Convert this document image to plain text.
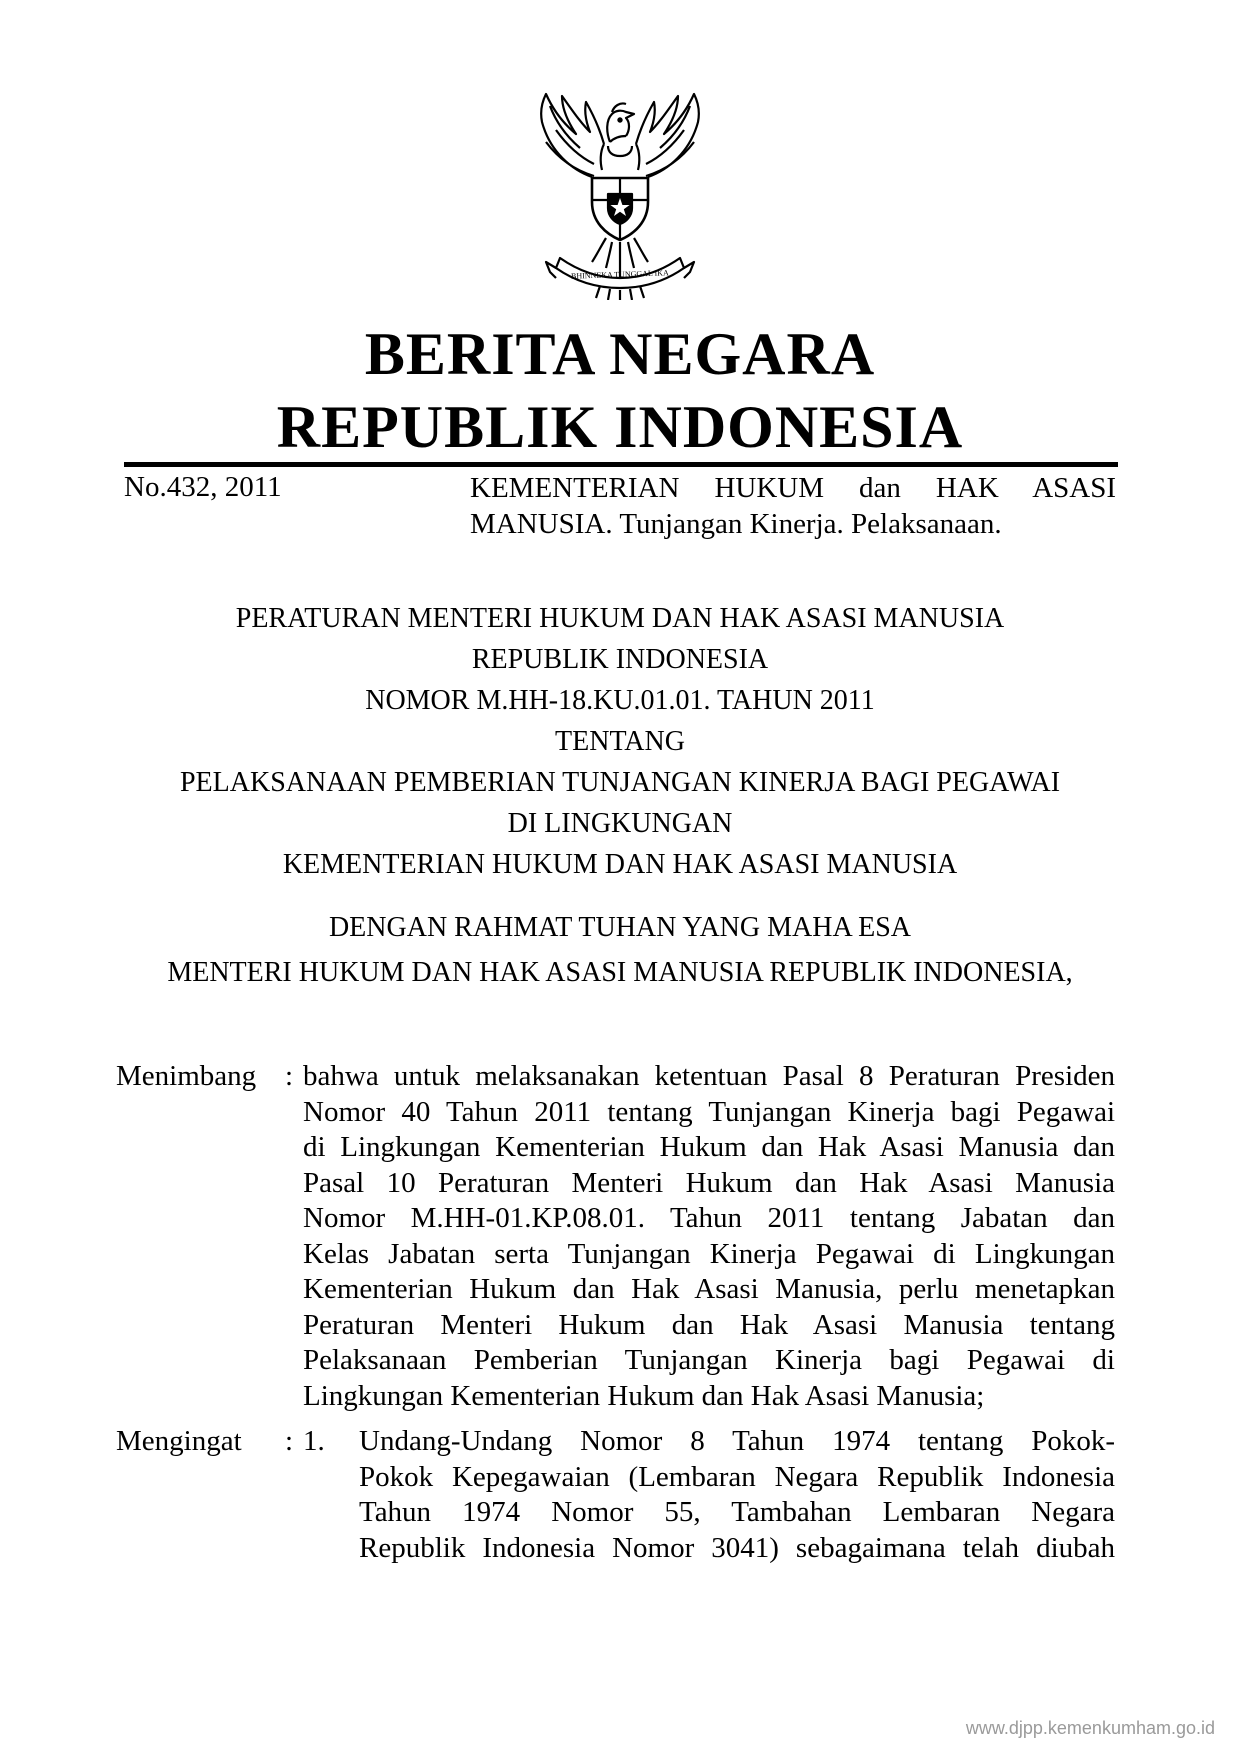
BHINNEKA TUNGGAL IKA
BERITA NEGARA
REPUBLIK INDONESIA
No.432, 2011	KEMENTERIAN HUKUM dan HAK ASASI
MANUSIA. Tunjangan Kinerja. Pelaksanaan.
PERATURAN MENTERI HUKUM DAN HAK ASASI MANUSIA
REPUBLIK INDONESIA
NOMOR M.HH-18.KU.01.01. TAHUN 2011
TENTANG
PELAKSANAAN PEMBERIAN TUNJANGAN KINERJA BAGI PEGAWAI
DI LINGKUNGAN
KEMENTERIAN HUKUM DAN HAK ASASI MANUSIA
DENGAN RAHMAT TUHAN YANG MAHA ESA
MENTERI HUKUM DAN HAK ASASI MANUSIA REPUBLIK INDONESIA,
Menimbang : bahwa untuk melaksanakan ketentuan Pasal 8 Peraturan Presiden
Nomor 40 Tahun 2011 tentang Tunjangan Kinerja bagi Pegawai
di Lingkungan Kementerian Hukum dan Hak Asasi Manusia dan
Pasal 10 Peraturan Menteri Hukum dan Hak Asasi Manusia
Nomor M.HH-01.KP.08.01. Tahun 2011 tentang Jabatan dan
Kelas Jabatan serta Tunjangan Kinerja Pegawai di Lingkungan
Kementerian Hukum dan Hak Asasi Manusia, perlu menetapkan
Peraturan Menteri Hukum dan Hak Asasi Manusia tentang
Pelaksanaan Pemberian Tunjangan Kinerja bagi Pegawai di
Lingkungan Kementerian Hukum dan Hak Asasi Manusia;
Mengingat : 1. Undang-Undang Nomor 8 Tahun 1974 tentang Pokok-
Pokok Kepegawaian (Lembaran Negara Republik Indonesia
Tahun 1974 Nomor 55, Tambahan Lembaran Negara
Republik Indonesia Nomor 3041) sebagaimana telah diubah
www.djpp.kemenkumham.go.id
